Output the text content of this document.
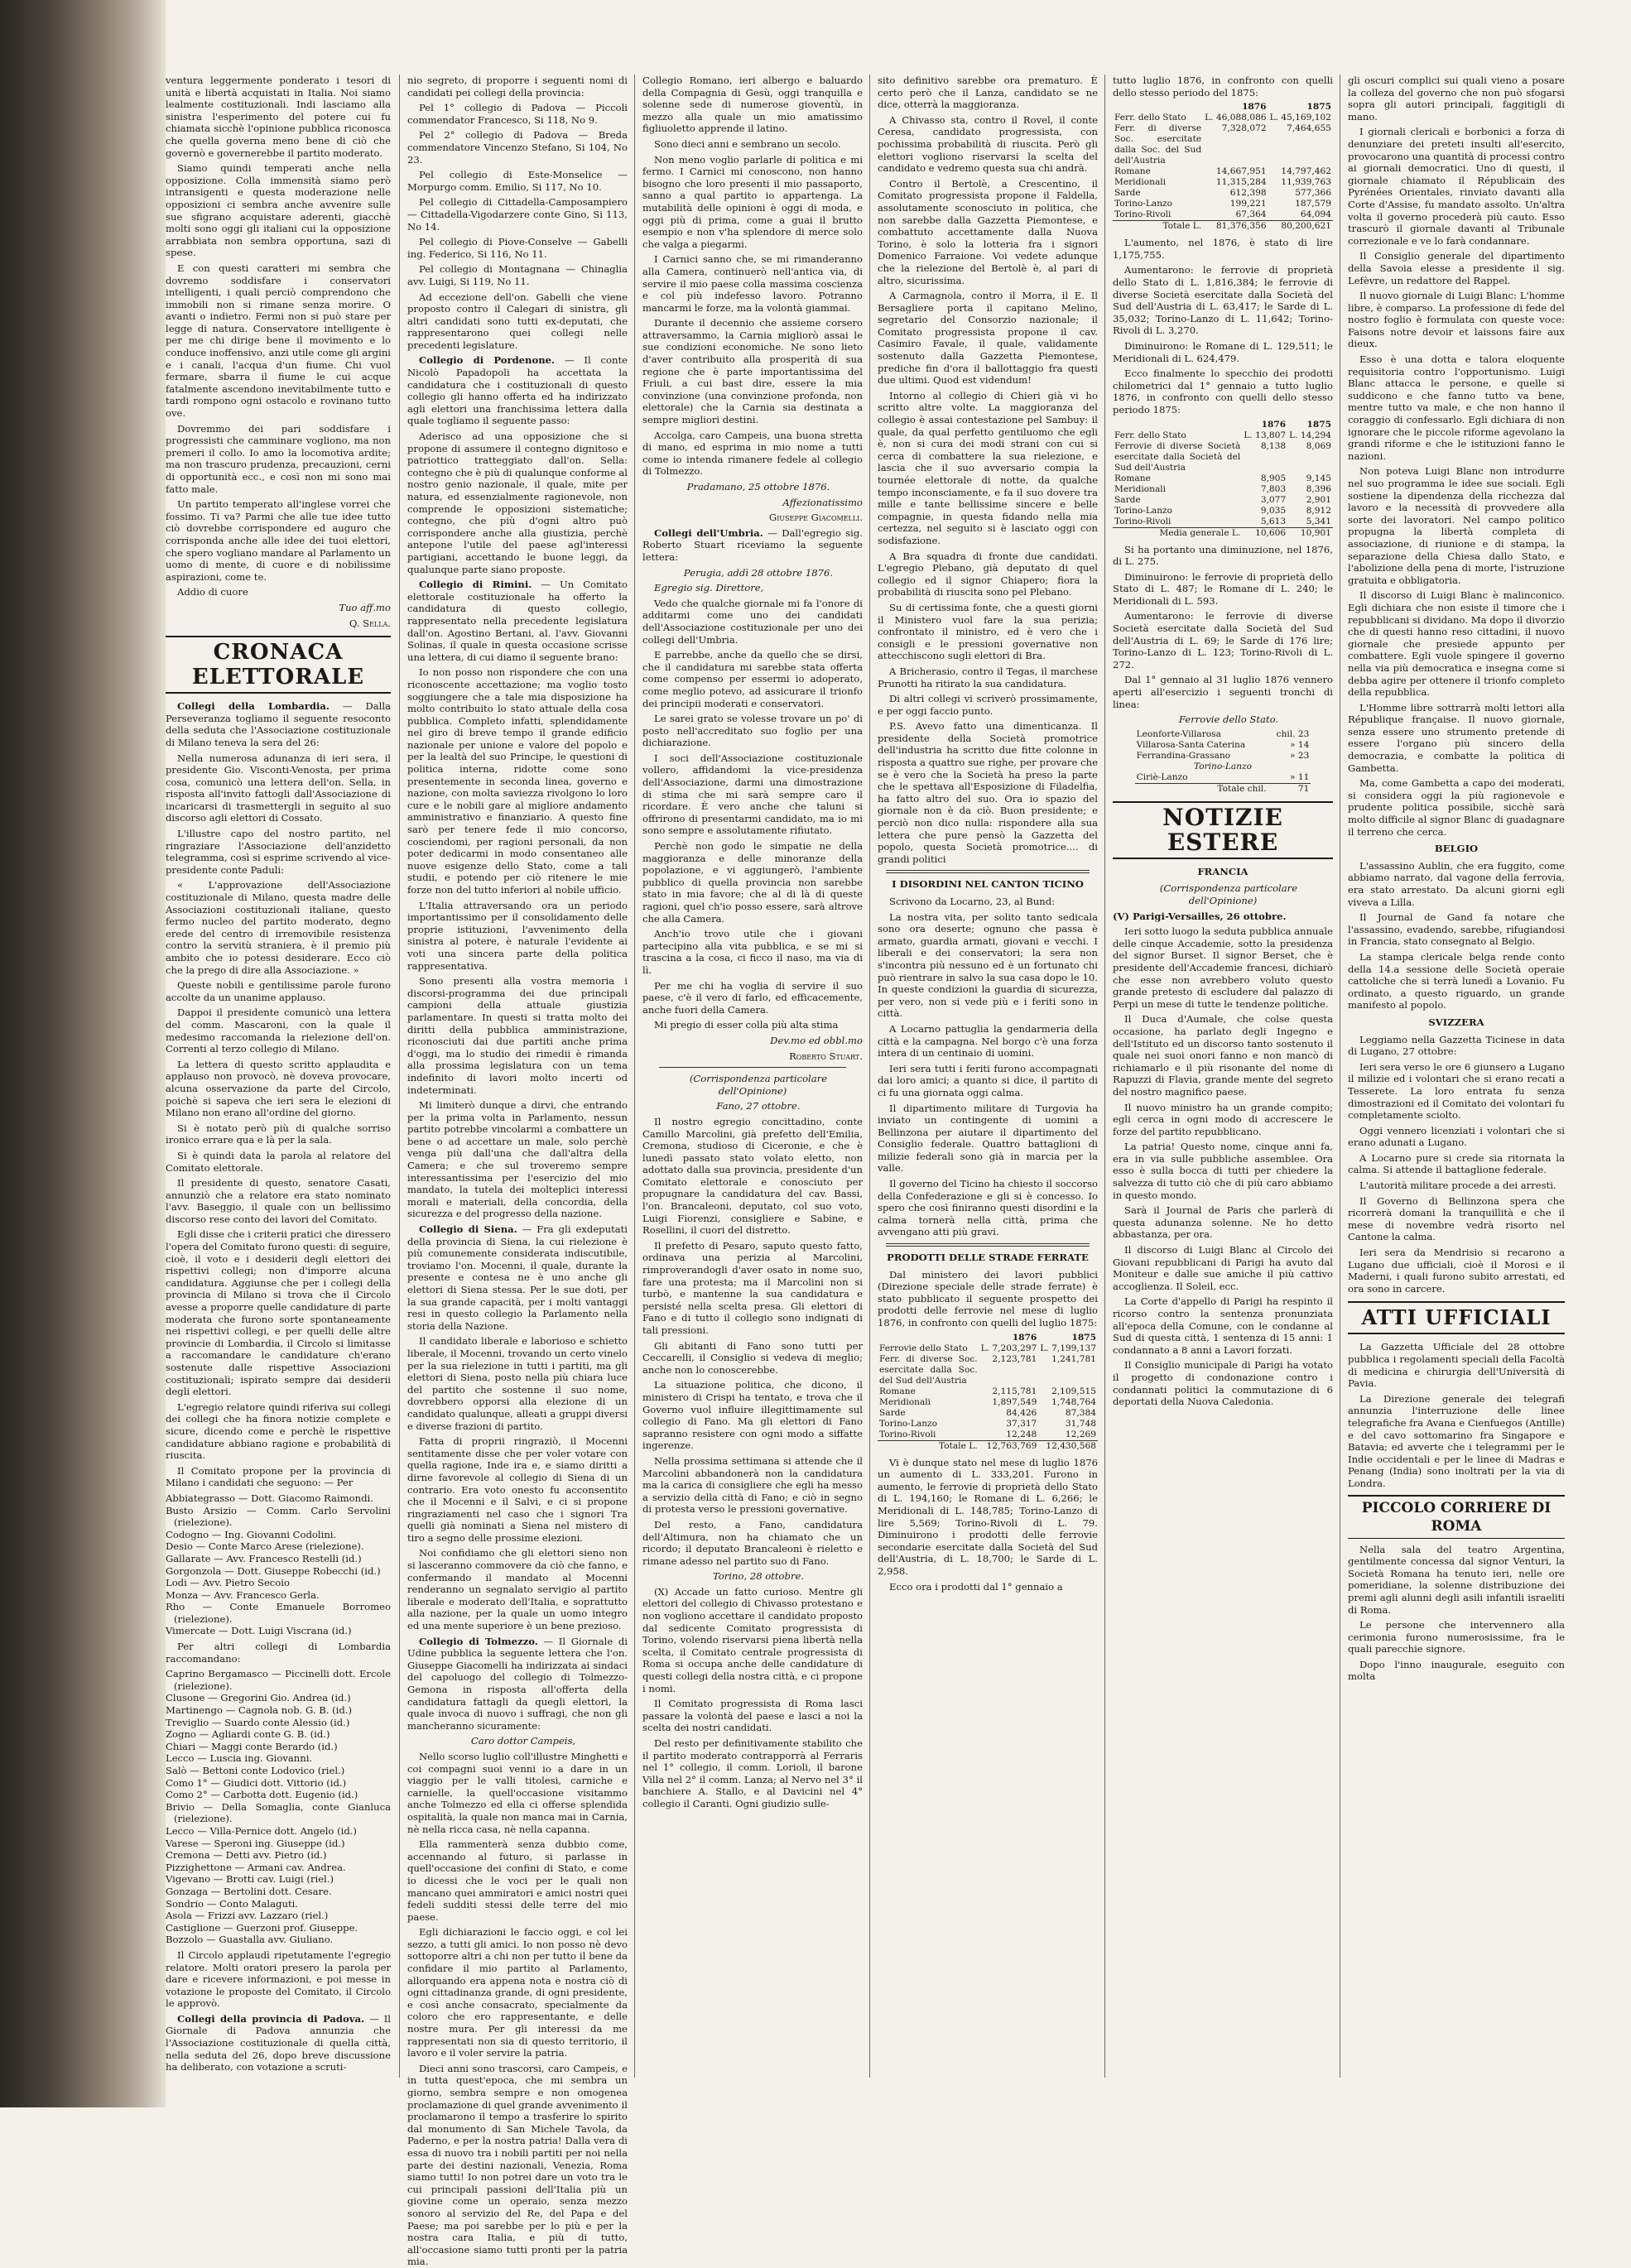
ventura leggermente ponderato i tesori di unità e libertà acquistati in Italia. Noi siamo lealmente costituzionali. Indi lasciamo alla sinistra l'esperimento del potere cui fu chiamata sicchè l'opinione pubblica riconosca che quella governa meno bene di ciò che governò e governerebbe il partito moderato.

Siamo quindi temperati anche nella opposizione. Colla immensità siamo però intransigenti e questa moderazione nelle opposizioni ci sembra anche avvenire sulle sue sfigrano acquistare aderenti, giacchè molti sono oggi gli italiani cui la opposizione arrabbiata non sembra opportuna, sazi di spese.

E con questi caratteri mi sembra che dovremo soddisfare i conservatori intelligenti, i quali perciò comprendono che immobili non si rimane senza morire. O avanti o indietro. Fermi non si può stare per legge di natura. Conservatore intelligente è per me chi dirige bene il movimento e lo conduce inoffensivo, anzi utile come gli argini e i canali, l'acqua d'un fiume. Chi vuol fermare, sbarra il fiume le cui acque fatalmente ascendono inevitabilmente tutto e tardi rompono ogni ostacolo e rovinano tutto ove.

Dovremmo dei pari soddisfare i progressisti che camminare vogliono, ma non premeri il collo. Io amo la locomotiva ardite; ma non trascuro prudenza, precauzioni, cerni di opportunità ecc., e così non mi sono mai fatto male.

Un partito temperato all'inglese vorrei che fossimo. Ti va? Parmi che alle tue idee tutto ciò dovrebbe corrispondere ed auguro che corrisponda anche alle idee dei tuoi elettori, che spero vogliano mandare al Parlamento un uomo di mente, di cuore e di nobilissime aspirazioni, come te.

Addio di cuore

Tuo aff.mo

Q. Sella.

CRONACA ELETTORALE

Collegi della Lombardia. — Dalla Perseveranza togliamo il seguente resoconto della seduta che l'Associazione costituzionale di Milano teneva la sera del 26:

Nella numerosa adunanza di ieri sera, il presidente Gio. Visconti-Venosta, per prima cosa, comunicò una lettera dell'on. Sella, in risposta all'invito fattogli dall'Associazione di incaricarsi di trasmettergli in seguito al suo discorso agli elettori di Cossato.

L'illustre capo del nostro partito, nel ringraziare l'Associazione dell'anzidetto telegramma, così si esprime scrivendo al vice-presidente conte Paduli:

« L'approvazione dell'Associazione costituzionale di Milano, questa madre delle Associazioni costituzionali italiane, questo fermo nucleo del partito moderato, degno erede del centro di irremovibile resistenza contro la servitù straniera, è il premio più ambito che io potessi desiderare. Ecco ciò che la prego di dire alla Associazione. »

Queste nobili e gentilissime parole furono accolte da un unanime applauso.

Dappoi il presidente comunicò una lettera del comm. Mascaroni, con la quale il medesimo raccomanda la rielezione dell'on. Correnti al terzo collegio di Milano.

La lettera di questo scritto applaudita e applauso non provocò, nè doveva provocare, alcuna osservazione da parte del Circolo, poichè si sapeva che ieri sera le elezioni di Milano non erano all'ordine del giorno.

Si è notato però più di qualche sorriso ironico errare qua e là per la sala.

Si è quindi data la parola al relatore del Comitato elettorale.

Il presidente di questo, senatore Casati, annunziò che a relatore era stato nominato l'avv. Baseggio, il quale con un bellissimo discorso rese conto dei lavori del Comitato.

Egli disse che i criterii pratici che diressero l'opera del Comitato furono questi: di seguire, cioè, il voto e i desiderii degli elettori dei rispettivi collegi; non d'imporre alcuna candidatura. Aggiunse che per i collegi della provincia di Milano si trova che il Circolo avesse a proporre quelle candidature di parte moderata che furono sorte spontaneamente nei rispettivi collegi, e per quelli delle altre provincie di Lombardia, il Circolo si limitasse a raccomandare le candidature ch'erano sostenute dalle rispettive Associazioni costituzionali; ispirato sempre dai desiderii degli elettori.

L'egregio relatore quindi riferiva sui collegi dei collegi che ha finora notizie complete e sicure, dicendo come e perchè le rispettive candidature abbiano ragione e probabilità di riuscita.

Il Comitato propone per la provincia di Milano i candidati che seguono: — Per

Abbiategrasso — Dott. Giacomo Raimondi.
Busto Arsizio — Comm. Carlo Servolini (rielezione).
Codogno — Ing. Giovanni Codolini.
Desio — Conte Marco Arese (rielezione).
Gallarate — Avv. Francesco Restelli (id.)
Gorgonzola — Dott. Giuseppe Robecchi (id.)
Lodi — Avv. Pietro Secoio
Monza — Avv. Francesco Gerla.
Rho — Conte Emanuele Borromeo (rielezione).
Vimercate — Dott. Luigi Viscrana (id.)

Per altri collegi di Lombardia raccomandano:

Caprino Bergamasco — Piccinelli dott. Ercole (rielezione).
Clusone — Gregorini Gio. Andrea (id.)
Martinengo — Cagnola nob. G. B. (id.)
Treviglio — Suardo conte Alessio (id.)
Zogno — Agliardi conte G. B. (id.)
Chiari — Maggi conte Berardo (id.)
Lecco — Luscia ing. Giovanni.
Salò — Bettoni conte Lodovico (riel.)
Como 1° — Giudici dott. Vittorio (id.)
Como 2° — Carbotta dott. Eugenio (id.)
Brivio — Della Somaglia, conte Gianluca (rielezione).
Lecco — Villa-Pernice dott. Angelo (id.)
Varese — Speroni ing. Giuseppe (id.)
Cremona — Detti avv. Pietro (id.)
Pizzighettone — Armani cav. Andrea.
Vigevano — Brotti cav. Luigi (riel.)
Gonzaga — Bertolini dott. Cesare.
Sondrio — Conto Malaguti.
Asola — Frizzi avv. Lazzaro (riel.)
Castiglione — Guerzoni prof. Giuseppe.
Bozzolo — Guastalla avv. Giuliano.

Il Circolo applaudì ripetutamente l'egregio relatore. Molti oratori presero la parola per dare e ricevere informazioni, e poi messe in votazione le proposte del Comitato, il Circolo le approvò.

Collegi della provincia di Padova. — Il Giornale di Padova annunzia che l'Associazione costituzionale di quella città, nella seduta del 26, dopo breve discussione ha deliberato, con votazione a scruti-

nio segreto, di proporre i seguenti nomi di candidati pei collegi della provincia:

Pel 1° collegio di Padova — Piccoli commendator Francesco, Si 118, No 9.

Pel 2° collegio di Padova — Breda commendatore Vincenzo Stefano, Si 104, No 23.

Pel collegio di Este-Monselice — Morpurgo comm. Emilio, Si 117, No 10.

Pel collegio di Cittadella-Camposampiero — Cittadella-Vigodarzere conte Gino, Si 113, No 14.

Pel collegio di Piove-Conselve — Gabelli ing. Federico, Si 116, No 11.

Pel collegio di Montagnana — Chinaglia avv. Luigi, Si 119, No 11.

Ad eccezione dell'on. Gabelli che viene proposto contro il Calegari di sinistra, gli altri candidati sono tutti ex-deputati, che rappresentarono quei collegi nelle precedenti legislature.

Collegio di Pordenone. — Il conte Nicolò Papadopoli ha accettata la candidatura che i costituzionali di questo collegio gli hanno offerta ed ha indirizzato agli elettori una franchissima lettera dalla quale togliamo il seguente passo:

Aderisco ad una opposizione che si propone di assumere il contegno dignitoso e patriottico tratteggiato dall'on. Sella: contegno che è più di qualunque conforme al nostro genio nazionale, il quale, mite per natura, ed essenzialmente ragionevole, non comprende le opposizioni sistematiche; contegno, che più d'ogni altro può corrispondere anche alla giustizia, perchè antepone l'utile del paese agl'interessi partigiani, accettando le buone leggi, da qualunque parte siano proposte.

Collegio di Rimini. — Un Comitato elettorale costituzionale ha offerto la candidatura di questo collegio, rappresentato nella precedente legislatura dall'on. Agostino Bertani, al. l'avv. Giovanni Solinas, il quale in questa occasione scrisse una lettera, di cui diamo il seguente brano:

Io non posso non rispondere che con una riconoscente accettazione; ma voglio tosto soggiungere che a tale mia disposizione ha molto contribuito lo stato attuale della cosa pubblica. Completo infatti, splendidamente nel giro di breve tempo il grande edificio nazionale per unione e valore del popolo e per la lealtà del suo Principe, le questioni di politica interna, ridotte come sono presentemente in seconda linea, governo e nazione, con molta saviezza rivolgono lo loro cure e le nobili gare al migliore andamento amministrativo e finanziario. A questo fine sarò per tenere fede il mio concorso, cosciendomi, per ragioni personali, da non poter dedicarmi in modo consentaneo alle nuove esigenze dello Stato, come a tali studii, e potendo per ciò ritenere le mie forze non del tutto inferiori al nobile ufficio.

L'Italia attraversando ora un periodo importantissimo per il consolidamento delle proprie istituzioni, l'avvenimento della sinistra al potere, è naturale l'evidente ai voti una sincera parte della politica rappresentativa.

Sono presenti alla vostra memoria i discorsi-programma dei due principali campioni della attuale giustizia parlamentare. In questi si tratta molto dei diritti della pubblica amministrazione, riconosciuti dai due partiti anche prima d'oggi, ma lo studio dei rimedii è rimanda alla prossima legislatura con un tema indefinito di lavori molto incerti od indeterminati.

Mi limiterò dunque a dirvi, che entrando per la prima volta in Parlamento, nessun partito potrebbe vincolarmi a combattere un bene o ad accettare un male, solo perchè venga più dall'una che dall'altra della Camera; e che sul troveremo sempre interessantissima per l'esercizio del mio mandato, la tutela dei molteplici interessi morali e materiali, della concordia, della sicurezza e del progresso della nazione.

Collegio di Siena. — Fra gli exdeputati della provincia di Siena, la cui rielezione è più comunemente considerata indiscutibile, troviamo l'on. Mocenni, il quale, durante la presente e contesa ne è uno anche gli elettori di Siena stessa. Per le sue doti, per la sua grande capacità, per i molti vantaggi resi in questo collegio la Parlamento nella storia della Nazione.

Il candidato liberale e laborioso e schietto liberale, il Mocenni, trovando un certo vinelo per la sua rielezione in tutti i partiti, ma gli elettori di Siena, posto nella più chiara luce del partito che sostenne il suo nome, dovrebbero opporsi alla elezione di un candidato qualunque, alleati a gruppi diversi e diverse frazioni di partito.

Fatta di proprii ringraziò, il Mocenni sentitamente disse che per voler votare con quella ragione, Inde ira e, e siamo diritti a dirne favorevole al collegio di Siena di un contrario. Era voto onesto fu acconsentito che il Mocenni e il Salvi, e ci si propone ringraziamenti nel caso che i signori Tra quelli già nominati a Siena nel mistero di tiro a segno delle prossime elezioni.

Noi confidiamo che gli elettori sieno non si lasceranno commovere da ciò che fanno, e confermando il mandato al Mocenni renderanno un segnalato servigio al partito liberale e moderato dell'Italia, e soprattutto alla nazione, per la quale un uomo integro ed una mente superiore è un bene prezioso.

Collegio di Tolmezzo. — Il Giornale di Udine pubblica la seguente lettera che l'on. Giuseppe Giacomelli ha indirizzata ai sindaci del capoluogo del collegio di Tolmezzo-Gemona in risposta all'offerta della candidatura fattagli da quegli elettori, la quale invoca di nuovo i suffragi, che non gli mancheranno sicuramente:

Caro dottor Campeis,

Nello scorso luglio coll'illustre Minghetti e coi compagni suoi venni io a dare in un viaggio per le valli titolesi, carniche e carnielle, la quell'occasione visitammo anche Tolmezzo ed ella ci offerse splendida ospitalità, la quale non manca mai in Carnia, nè nella ricca casa, nè nella capanna.

Ella rammenterà senza dubbio come, accennando al futuro, si parlasse in quell'occasione dei confini di Stato, e come io dicessi che le voci per le quali non mancano quei ammiratori e amici nostri quei fedeli sudditi stessi delle terre del mio paese.

Egli dichiarazioni le faccio oggi, e col lei sezzo, a tutti gli amici. Io non posso nè devo sottoporre altri a chi non per tutto il bene da confidare il mio partito al Parlamento, allorquando era appena nota e nostra ciò di ogni cittadinanza grande, di ogni presidente, e così anche consacrato, specialmente da coloro che ero rappresentante, e delle nostre mura. Per gli interessi da me rappresentati non sia di questo territorio, il lavoro e il voler servire la patria.

Dieci anni sono trascorsi, caro Campeis, e in tutta quest'epoca, che mi sembra un giorno, sembra sempre e non omogenea proclamazione di quel grande avvenimento il proclamarono il tempo a trasferire lo spirito dal monumento di San Michele Tavola, da Paderno, e per la nostra patria! Dalla vera di essa di nuovo tra i nobili partiti per noi nella parte dei destini nazionali, Venezia, Roma siamo tutti! Io non potrei dare un voto tra le cui principali passioni dell'Italia più un giovine come un operaio, senza mezzo sonoro al servizio del Re, del Papa e del Paese; ma poi sarebbe per lo più e per la nostra cara Italia, e più di tutto, all'occasione siamo tutti pronti per la patria mia.

Collegio Romano, ieri albergo e baluardo della Compagnia di Gesù, oggi tranquilla e solenne sede di numerose gioventù, in mezzo alla quale un mio amatissimo figliuoletto apprende il latino.

Sono dieci anni e sembrano un secolo.

Non meno voglio parlarle di politica e mi fermo. I Carnici mi conoscono, non hanno bisogno che loro presenti il mio passaporto, sanno a qual partito io appartenga. La mutabilità delle opinioni è oggi di moda, e oggi più di prima, come a guai il brutto esempio e non v'ha splendore di merce solo che valga a piegarmi.

I Carnici sanno che, se mi rimanderanno alla Camera, continuerò nell'antica via, di servire il mio paese colla massima coscienza e col più indefesso lavoro. Potranno mancarmi le forze, ma la volontà giammai.

Durante il decennio che assieme corsero attraversammo, la Carnia migliorò assai le sue condizioni economiche. Ne sono lieto d'aver contribuito alla prosperità di sua regione che è parte importantissima del Friuli, a cui bast dire, essere la mia convinzione (una convinzione profonda, non elettorale) che la Carnia sia destinata a sempre migliori destini.

Accolga, caro Campeis, una buona stretta di mano, ed esprima in mio nome a tutti come io intenda rimanere fedele al collegio di Tolmezzo.

Pradamano, 25 ottobre 1876.

Affezionatissimo

Giuseppe Giacomelli.

Collegi dell'Umbria. — Dall'egregio sig. Roberto Stuart riceviamo la seguente lettera:

Perugia, addì 28 ottobre 1876.

Egregio sig. Direttore,

Vedo che qualche giornale mi fa l'onore di additarmi come uno dei candidati dell'Associazione costituzionale per uno dei collegi dell'Umbria.

E parrebbe, anche da quello che se dirsi, che il candidatura mi sarebbe stata offerta come compenso per essermi io adoperato, come meglio potevo, ad assicurare il trionfo dei principii moderati e conservatori.

Le sarei grato se volesse trovare un po' di posto nell'accreditato suo foglio per una dichiarazione.

I soci dell'Associazione costituzionale vollero, affidandomi la vice-presidenza dell'Associazione, darmi una dimostrazione di stima che mi sarà sempre caro il ricordare. È vero anche che taluni si offrirono di presentarmi candidato, ma io mi sono sempre e assolutamente rifiutato.

Perchè non godo le simpatie ne della maggioranza e delle minoranze della popolazione, e vi aggiungerò, l'ambiente pubblico di quella provincia non sarebbe stato in mia favore; che al di là di queste ragioni, quel ch'io posso essere, sarà altrove che alla Camera.

Anch'io trovo utile che i giovani partecipino alla vita pubblica, e se mi si trascina a la cosa, ci ficco il naso, ma via di lì.

Per me chi ha voglia di servire il suo paese, c'è il vero di farlo, ed efficacemente, anche fuori della Camera.

Mi pregio di esser colla più alta stima

Dev.mo ed obbl.mo

Roberto Stuart.

(Corrispondenza particolare dell'Opinione)

Fano, 27 ottobre.

Il nostro egregio concittadino, conte Camillo Marcolini, già prefetto dell'Emilia, Cremona, studioso di Ciceronie, e che è lunedì passato stato volato eletto, non adottato dalla sua provincia, presidente d'un Comitato elettorale e conosciuto per propugnare la candidatura del cav. Bassi, l'on. Brancaleoni, deputato, col suo voto, Luigi Fiorenzi, consigliere e Sabine, e Rosellini, il cuori del distretto.

Il prefetto di Pesaro, saputo questo fatto, ordinava una perizia al Marcolini, rimproverandogli d'aver osato in nome suo, fare una protesta; ma il Marcolini non si turbò, e mantenne la sua candidatura e persisté nella scelta presa. Gli elettori di Fano e di tutto il collegio sono indignati di tali pressioni.

Gli abitanti di Fano sono tutti per Ceccarelli, il Consiglio si vedeva di meglio; anche non lo conoscerebbe.

La situazione politica, che dicono, il ministero di Crispi ha tentato, e trova che il Governo vuol influire illegittimamente sul collegio di Fano. Ma gli elettori di Fano sapranno resistere con ogni modo a siffatte ingerenze.

Nella prossima settimana si attende che il Marcolini abbandonerà non la candidatura ma la carica di consigliere che egli ha messo a servizio della città di Fano; e ciò in segno di protesta verso le pressioni governative.

Del resto, a Fano, candidatura dell'Altimura, non ha chiamato che un ricordo; il deputato Brancaleoni è rieletto e rimane adesso nel partito suo di Fano.

Torino, 28 ottobre.

(X) Accade un fatto curioso. Mentre gli elettori del collegio di Chivasso protestano e non vogliono accettare il candidato proposto dal sedicente Comitato progressista di Torino, volendo riservarsi piena libertà nella scelta, il Comitato centrale progressista di Roma si occupa anche delle candidature di questi collegi della nostra città, e ci propone i nomi.

Il Comitato progressista di Roma lasci passare la volontà del paese e lasci a noi la scelta dei nostri candidati.

Del resto per definitivamente stabilito che il partito moderato contrapporrà al Ferraris nel 1° collegio, il comm. Lorioli, il barone Villa nel 2° il comm. Lanza; al Nervo nel 3° il banchiere A. Stallo, e al Davicini nel 4° collegio il Caranti. Ogni giudizio sulle-

sito definitivo sarebbe ora prematuro. È certo però che il Lanza, candidato se ne dice, otterrà la maggioranza.

A Chivasso sta, contro il Rovel, il conte Ceresa, candidato progressista, con pochissima probabilità di riuscita. Però gli elettori vogliono riservarsi la scelta del candidato e vedremo questa sua chi andrà.

Contro il Bertolè, a Crescentino, il Comitato progressista propone il Faldella, assolutamente sconosciuto in politica, che non sarebbe dalla Gazzetta Piemontese, e combattuto accettamente dalla Nuova Torino, è solo la lotteria fra i signori Domenico Farraione. Voi vedete adunque che la rielezione del Bertolè è, al pari di altro, sicurissima.

A Carmagnola, contro il Morra, il E. Il Bersagliere porta il capitano Melino, segretario del Consorzio nazionale; il Comitato progressista propone il cav. Casimiro Favale, il quale, validamente sostenuto dalla Gazzetta Piemontese, prediche fin d'ora il ballottaggio fra questi due ultimi. Quod est videndum!

Intorno al collegio di Chieri già vi ho scritto altre volte. La maggioranza del collegio è assai contestazione pel Sambuy: il quale, da qual perfetto gentiluomo che egli è, non si cura dei modi strani con cui si cerca di combattere la sua rielezione, e lascia che il suo avversario compia la tournée elettorale di notte, da qualche tempo inconsciamente, e fa il suo dovere tra mille e tante bellissime sincere e belle compagnie, in questa fidando nella mia certezza, nel seguito si è lasciato oggi con sodisfazione.

A Bra squadra di fronte due candidati. L'egregio Plebano, già deputato di quel collegio ed il signor Chiapero; fiora la probabilità di riuscita sono pel Plebano.

Su di certissima fonte, che a questi giorni il Ministero vuol fare la sua perizia; confrontato il ministro, ed è vero che i consigli e le pressioni governative non attecchiscono sugli elettori di Bra.

A Bricherasio, contro il Tegas, il marchese Prunotti ha ritirato la sua candidatura.

Di altri collegi vi scriverò prossimamente, e per oggi faccio punto.

P.S. Avevo fatto una dimenticanza. Il presidente della Società promotrice dell'industria ha scritto due fitte colonne in risposta a quattro sue righe, per provare che se è vero che la Società ha preso la parte che le spettava all'Esposizione di Filadelfia, ha fatto altro del suo. Ora io spazio del giornale non è da ciò. Buon presidente; e perciò non dico nulla: rispondere alla sua lettera che pure pensò la Gazzetta del popolo, questa Società promotrice.... di grandi politici

I DISORDINI NEL CANTON TICINO

Scrivono da Locarno, 23, al Bund:

La nostra vita, per solito tanto sedicala sono ora deserte; ognuno che passa è armato, guardia armati, giovani e vecchi. I liberali e dei conservatori; la sera non s'incontra più nessuno ed è un fortunato chi può rientrare in salvo la sua casa dopo le 10. In queste condizioni la guardia di sicurezza, per vero, non si vede più e i feriti sono in città.

A Locarno pattuglia la gendarmeria della città e la campagna. Nel borgo c'è una forza intera di un centinaio di uomini.

Ieri sera tutti i feriti furono accompagnati dai loro amici; a quanto si dice, il partito di ci fu una giornata oggi calma.

Il dipartimento militare di Turgovia ha inviato un contingente di uomini a Bellinzona per aiutare il dipartimento del Consiglio federale. Quattro battaglioni di milizie federali sono già in marcia per la valle.

Il governo del Ticino ha chiesto il soccorso della Confederazione e gli si è concesso. Io spero che così finiranno questi disordini e la calma tornerà nella città, prima che avvengano atti più gravi.

PRODOTTI DELLE STRADE FERRATE

Dal ministero dei lavori pubblici (Direzione speciale delle strade ferrate) è stato pubblicato il seguente prospetto dei prodotti delle ferrovie nel mese di luglio 1876, in confronto con quelli del luglio 1875:

	1876	1875
Ferrovie dello Stato	L. 7,203,297	L. 7,199,137
Ferr. di diverse Soc. esercitate dalla Soc. del Sud dell'Austria	2,123,781	1,241,781
Romane	2,115,781	2,109,515
Meridionali	1,897,549	1,748,764
Sarde	84,426	87,384
Torino-Lanzo	37,317	31,748
Torino-Rivoli	12,248	12,269
Totale L.	12,763,769	12,430,568

Vi è dunque stato nel mese di luglio 1876 un aumento di L. 333,201. Furono in aumento, le ferrovie di proprietà dello Stato di L. 194,160; le Romane di L. 6,266; le Meridionali di L. 148,785; Torino-Lanzo di lire 5,569; Torino-Rivoli di L. 79. Diminuirono i prodotti delle ferrovie secondarie esercitate dalla Società del Sud dell'Austria, di L. 18,700; le Sarde di L. 2,958.

Ecco ora i prodotti dal 1° gennaio a

tutto luglio 1876, in confronto con quelli dello stesso periodo del 1875:

	1876	1875
Ferr. dello Stato	L. 46,088,086	L. 45,169,102
Ferr. di diverse Soc. esercitate dalla Soc. del Sud dell'Austria	7,328,072	7,464,655
Romane	14,667,951	14,797,462
Meridionali	11,315,284	11,939,763
Sarde	612,398	577,366
Torino-Lanzo	199,221	187,579
Torino-Rivoli	67,364	64,094
Totale L.	81,376,356	80,200,621

L'aumento, nel 1876, è stato di lire 1,175,755.

Aumentarono: le ferrovie di proprietà dello Stato di L. 1,816,384; le ferrovie di diverse Società esercitate dalla Società del Sud dell'Austria di L. 63,417; le Sarde di L. 35,032; Torino-Lanzo di L. 11,642; Torino-Rivoli di L. 3,270.

Diminuirono: le Romane di L. 129,511; le Meridionali di L. 624,479.

Ecco finalmente lo specchio dei prodotti chilometrici dal 1° gennaio a tutto luglio 1876, in confronto con quelli dello stesso periodo 1875:

	1876	1875
Ferr. dello Stato	L. 13,807	L. 14,294
Ferrovie di diverse Società esercitate dalla Società del Sud dell'Austria	8,138	8,069
Romane	8,905	9,145
Meridionali	7,803	8,396
Sarde	3,077	2,901
Torino-Lanzo	9,035	8,912
Torino-Rivoli	5,613	5,341
Media generale L.	10,606	10,901

Si ha portanto una diminuzione, nel 1876, di L. 275.

Diminuirono: le ferrovie di proprietà dello Stato di L. 487; le Romane di L. 240; le Meridionali di L. 593.

Aumentarono: le ferrovie di diverse Società esercitate dalla Società del Sud dell'Austria di L. 69; le Sarde di 176 lire; Torino-Lanzo di L. 123; Torino-Rivoli di L. 272.

Dal 1° gennaio al 31 luglio 1876 vennero aperti all'esercizio i seguenti tronchi di linea:

Ferrovie dello Stato.

Leonforte-Villarosa	chil. 23
Villarosa-Santa Caterina	» 14
Ferrandina-Grassano	» 23
Torino-Lanzo	
Ciriè-Lanzo	» 11
Totale chil.	71
NOTIZIE ESTERE
FRANCIA

(Corrispondenza particolare dell'Opinione)

(V) Parigi-Versailles, 26 ottobre.

Ieri sotto luogo la seduta pubblica annuale delle cinque Accademie, sotto la presidenza del signor Burset. Il signor Berset, che è presidente dell'Accademie francesi, dichiarò che esse non avrebbero voluto questo grande pretesto di escludere dal palazzo di Perpi un mese di tutte le tendenze politiche.

Il Duca d'Aumale, che colse questa occasione, ha parlato degli Ingegno e dell'Istituto ed un discorso tanto sostenuto il quale nei suoi onori fanno e non mancò di richiamarlo e il più risonante del nome di Rapuzzi di Flavia, grande mente del segreto del nostro magnifico paese.

Il nuovo ministro ha un grande compito; egli cerca in ogni modo di accrescere le forze del partito repubblicano.

La patria! Questo nome, cinque anni fa, era in via sulle pubbliche assemblee. Ora esso è sulla bocca di tutti per chiedere la salvezza di tutto ciò che di più caro abbiamo in questo mondo.

Sarà il Journal de Paris che parlerà di questa adunanza solenne. Ne ho detto abbastanza, per ora.

Il discorso di Luigi Blanc al Circolo dei Giovani repubblicani di Parigi ha avuto dal Moniteur e dalle sue amiche il più cattivo accoglienza. Il Soleil, ecc.

La Corte d'appello di Parigi ha respinto il ricorso contro la sentenza pronunziata all'epoca della Comune, con le condanne al Sud di questa città, 1 sentenza di 15 anni: 1 condannato a 8 anni a Lavori forzati.

Il Consiglio municipale di Parigi ha votato il progetto di condonazione contro i condannati politici la commutazione di 6 deportati della Nuova Caledonia.

gli oscuri complici sui quali vieno a posare la colleza del governo che non può sfogarsi sopra gli autori principali, faggitigli di mano.

I giornali clericali e borbonici a forza di denunziare dei preteti insulti all'esercito, provocarono una quantità di processi contro ai giornali democratici. Uno di questi, il giornale chiamato il Républicain des Pyrénées Orientales, rinviato davanti alla Corte d'Assise, fu mandato assolto. Un'altra volta il governo procederà più cauto. Esso trascurò il giornale davanti al Tribunale correzionale e ve lo farà condannare.

Il Consiglio generale del dipartimento della Savoia elesse a presidente il sig. Lefèvre, un redattore del Rappel.

Il nuovo giornale di Luigi Blanc: L'homme libre, è comparso. La professione di fede del nostro foglio è formulata con queste voce: Faisons notre devoir et laissons faire aux dieux.

Esso è una dotta e talora eloquente requisitoria contro l'opportunismo. Luigi Blanc attacca le persone, e quelle si suddicono e che fanno tutto va bene, mentre tutto va male, e che non hanno il coraggio di confessarlo. Egli dichiara di non ignorare che le piccole riforme agevolano la grandi riforme e che le istituzioni fanno le nazioni.

Non poteva Luigi Blanc non introdurre nel suo programma le idee sue sociali. Egli sostiene la dipendenza della ricchezza dal lavoro e la necessità di provvedere alla sorte dei lavoratori. Nel campo politico propugna la libertà completa di associazione, di riunione e di stampa, la separazione della Chiesa dallo Stato, e l'abolizione della pena di morte, l'istruzione gratuita e obbligatoria.

Il discorso di Luigi Blanc è malinconico. Egli dichiara che non esiste il timore che i repubblicani si dividano. Ma dopo il divorzio che di questi hanno reso cittadini, il nuovo giornale che presiede appunto per combattere. Egli vuole spingere il governo nella via più democratica e insegna come si debba agire per ottenere il trionfo completo della repubblica.

L'Homme libre sottrarrà molti lettori alla République française. Il nuovo giornale, senza essere uno strumento pretende di essere l'organo più sincero della democrazia, e combatte la politica di Gambetta.

Ma, come Gambetta a capo dei moderati, si considera oggi la più ragionevole e prudente politica possibile, sicchè sarà molto difficile al signor Blanc di guadagnare il terreno che cerca.

BELGIO

L'assassino Aublin, che era fuggito, come abbiamo narrato, dal vagone della ferrovia, era stato arrestato. Da alcuni giorni egli viveva a Lilla.

Il Journal de Gand fa notare che l'assassino, evadendo, sarebbe, rifugiandosi in Francia, stato consegnato al Belgio.

La stampa clericale belga rende conto della 14.a sessione delle Società operaie cattoliche che si terrà lunedì a Lovanio. Fu ordinato, a questo riguardo, un grande manifesto al popolo.

SVIZZERA

Leggiamo nella Gazzetta Ticinese in data di Lugano, 27 ottobre:

Ieri sera verso le ore 6 giunsero a Lugano il milizie ed i volontari che si erano recati a Tesserete. La loro entrata fu senza dimostrazioni ed il Comitato dei volontari fu completamente sciolto.

Oggi vennero licenziati i volontari che si erano adunati a Lugano.

A Locarno pure si crede sia ritornata la calma. Si attende il battaglione federale.

L'autorità militare procede a dei arresti.

Il Governo di Bellinzona spera che ricorrerà domani la tranquillità e che il mese di novembre vedrà risorto nel Cantone la calma.

Ieri sera da Mendrisio si recarono a Lugano due ufficiali, cioè il Morosi e il Maderni, i quali furono subito arrestati, ed ora sono in carcere.

ATTI UFFICIALI

La Gazzetta Ufficiale del 28 ottobre pubblica i regolamenti speciali della Facoltà di medicina e chirurgia dell'Università di Pavia.

La Direzione generale dei telegrafi annunzia l'interruzione delle linee telegrafiche fra Avana e Cienfuegos (Antille) e del cavo sottomarino fra Singapore e Batavia; ed avverte che i telegrammi per le Indie occidentali e per le linee di Madras e Penang (India) sono inoltrati per la via di Londra.

PICCOLO CORRIERE DI ROMA

Nella sala del teatro Argentina, gentilmente concessa dal signor Venturi, la Società Romana ha tenuto ieri, nelle ore pomeridiane, la solenne distribuzione dei premi agli alunni degli asili infantili israeliti di Roma.

Le persone che intervennero alla cerimonia furono numerosissime, fra le quali parecchie signore.

Dopo l'inno inaugurale, eseguito con molta
